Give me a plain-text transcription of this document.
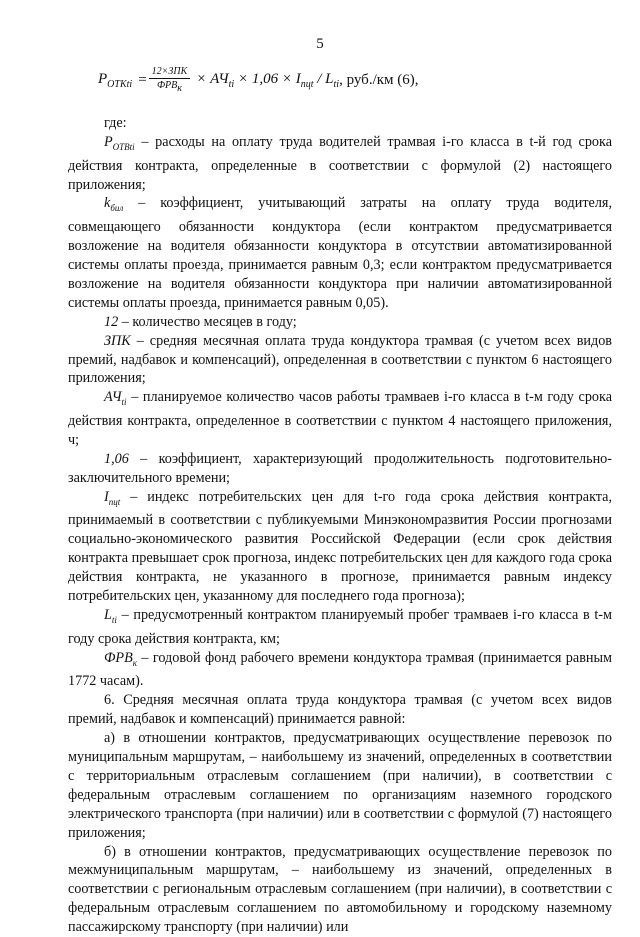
5
$P_{OTKti} = \frac{\text{12×ЗПК}}{ФРВ_к} \times АЧ_{ti} \times 1,06 \times I_{пцt} / L_{ti}$ , руб./км (6),

где:

$P_{OTBti}$ – расходы на оплату труда водителей трамвая i-го класса в t-й год срока действия контракта, определенные в соответствии с формулой (2) настоящего приложения;

$k_{бил}$ – коэффициент, учитывающий затраты на оплату труда водителя, совмещающего обязанности кондуктора (если контрактом предусматривается возложение на водителя обязанности кондуктора в отсутствии автоматизированной системы оплаты проезда, принимается равным 0,3; если контрактом предусматривается возложение на водителя обязанности кондуктора при наличии автоматизированной системы оплаты проезда, принимается равным 0,05).

12 – количество месяцев в году;

ЗПК – средняя месячная оплата труда кондуктора трамвая (с учетом всех видов премий, надбавок и компенсаций), определенная в соответствии с пунктом 6 настоящего приложения;

$АЧ_{ti}$ – планируемое количество часов работы трамваев i-го класса в t-м году срока действия контракта, определенное в соответствии с пунктом 4 настоящего приложения, ч;

1,06 – коэффициент, характеризующий продолжительность подготовительно-заключительного времени;

$I_{пцt}$ – индекс потребительских цен для t-го года срока действия контракта, принимаемый в соответствии с публикуемыми Минэкономразвития России прогнозами социально-экономического развития Российской Федерации (если срок действия контракта превышает срок прогноза, индекс потребительских цен для каждого года срока действия контракта, не указанного в прогнозе, принимается равным индексу потребительских цен, указанному для последнего года прогноза);

$L_{ti}$ – предусмотренный контрактом планируемый пробег трамваев i-го класса в t-м году срока действия контракта, км;

$ФРВ_к$ – годовой фонд рабочего времени кондуктора трамвая (принимается равным 1772 часам).

6. Средняя месячная оплата труда кондуктора трамвая (с учетом всех видов премий, надбавок и компенсаций) принимается равной:

а) в отношении контрактов, предусматривающих осуществление перевозок по муниципальным маршрутам, – наибольшему из значений, определенных в соответствии с территориальным отраслевым соглашением (при наличии), в соответствии с федеральным отраслевым соглашением по организациям наземного городского электрического транспорта (при наличии) или в соответствии с формулой (7) настоящего приложения;

б) в отношении контрактов, предусматривающих осуществление перевозок по межмуниципальным маршрутам, – наибольшему из значений, определенных в соответствии с региональным отраслевым соглашением (при наличии), в соответствии с федеральным отраслевым соглашением по автомобильному и городскому наземному пассажирскому транспорту (при наличии) или
